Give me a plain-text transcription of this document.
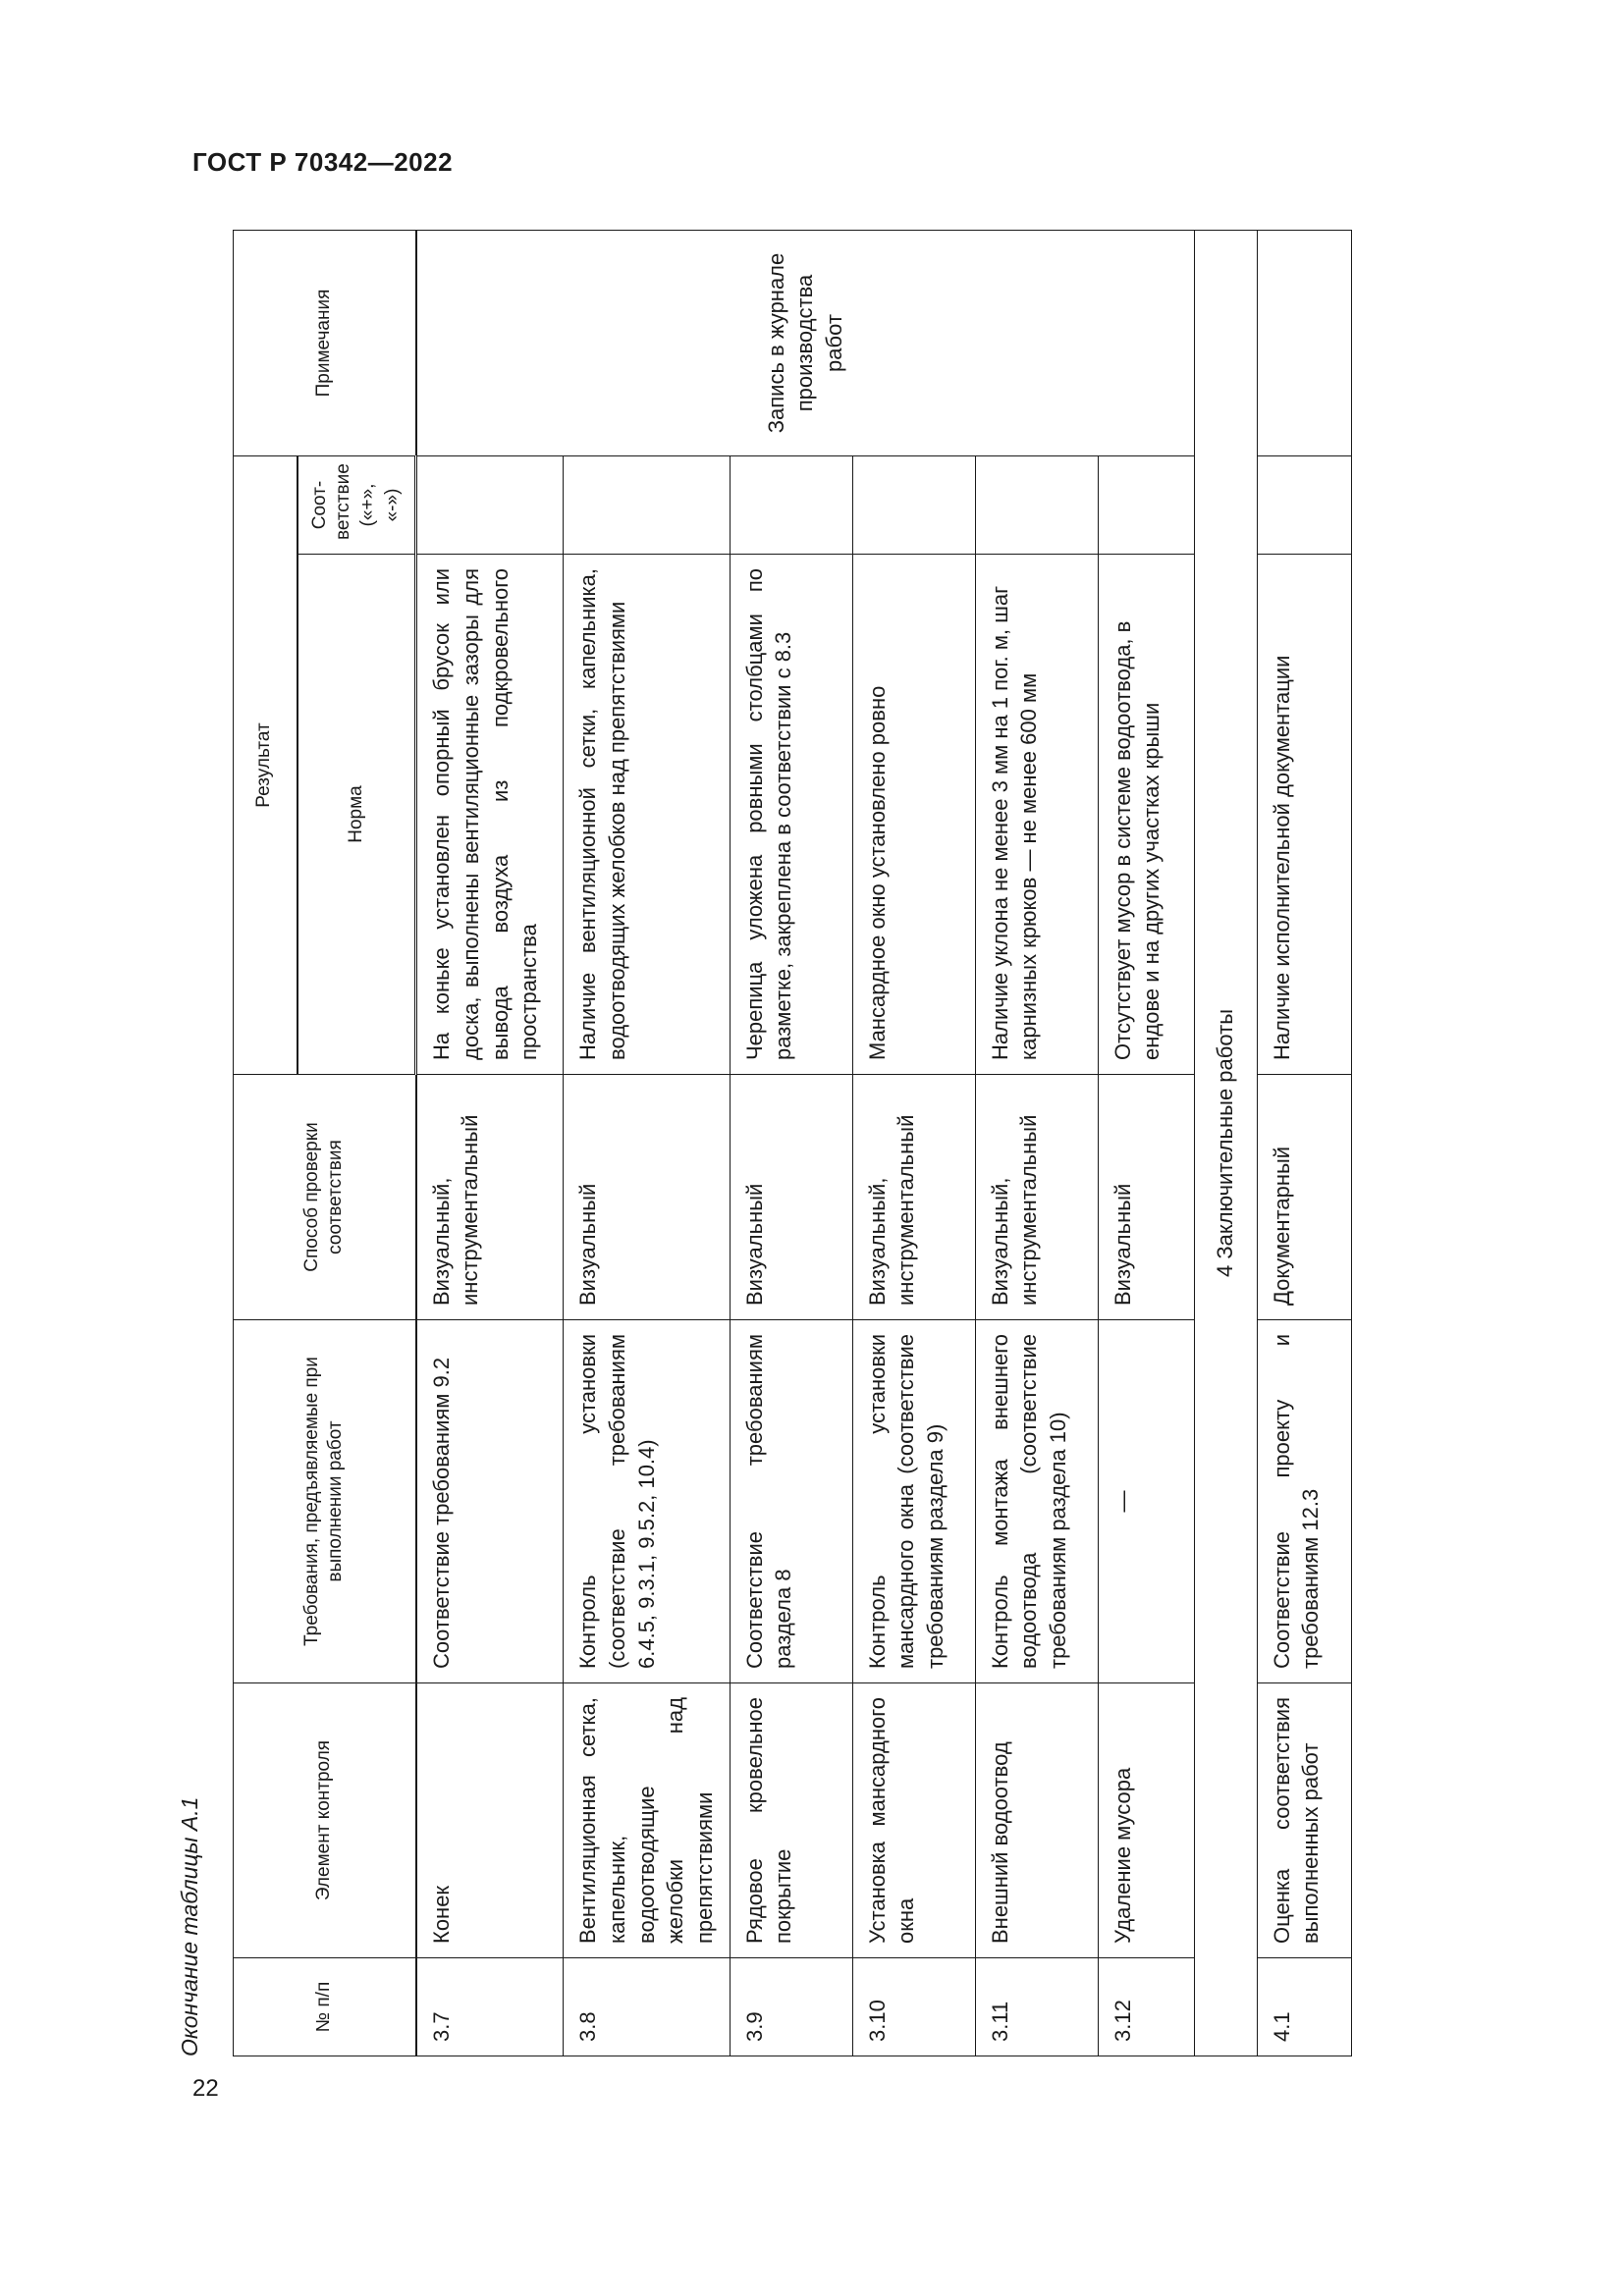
ГОСТ Р 70342—2022
Окончание таблицы А.1	№ п/п	Элемент контроля	Требования, предъявляемые при выполнении работ	Способ проверки соответствия	Результат		Примечания
				Норма	Соот-ветствие («+», «-»)	
3.7	Конек	Соответствие требованиям 9.2	Визуальный, инструментальный	На коньке установлен опорный брусок или доска, выполнены вентиляционные зазоры для вывода воздуха из подкровельного пространства		Запись в журнале производства работ
3.8	Вентиляционная сетка, капельник, водоотводящие желобки над препятствиями	Контроль установки (соответствие требованиям 6.4.5, 9.3.1, 9.5.2, 10.4)	Визуальный	Наличие вентиляционной сетки, капельника, водоотводящих желобков над препятствиями		
3.9	Рядовое кровельное покрытие	Соответствие требованиям раздела 8	Визуальный	Черепица уложена ровными столбцами по разметке, закреплена в соответствии с 8.3		
3.10	Установка мансардного окна	Контроль установки мансардного окна (соответствие требованиям раздела 9)	Визуальный, инструментальный	Мансардное окно установлено ровно		
3.11	Внешний водоотвод	Контроль монтажа внешнего водоотвода (соответствие требованиям раздела 10)	Визуальный, инструментальный	Наличие уклона не менее 3 мм на 1 пог. м, шаг карнизных крюков — не менее 600 мм		
3.12	Удаление мусора	—	Визуальный	Отсутствует мусор в системе водоотвода, в ендове и на других участках крыши		
4 Заключительные работы						
4.1	Оценка соответствия выполненных работ	Соответствие проекту и требованиям 12.3	Документарный	Наличие исполнительной документации		
22
